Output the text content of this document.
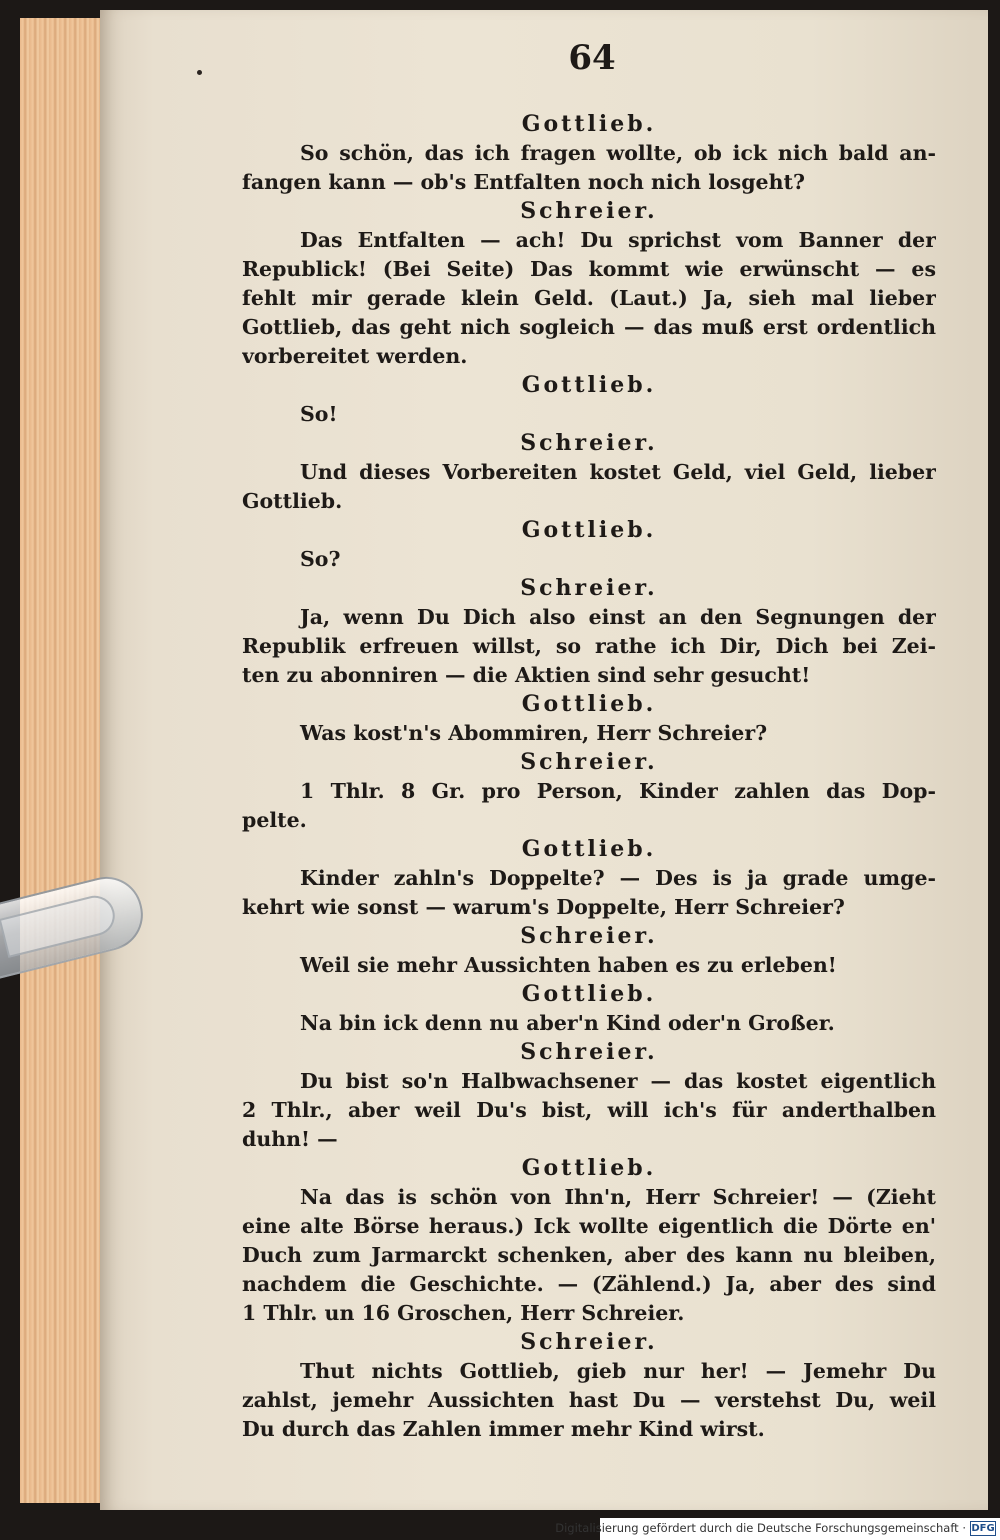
64
Gottlieb.
So schön, das ich fragen wollte, ob ick nich bald an-
fangen kann — ob's Entfalten noch nich losgeht?
Schreier.
Das Entfalten — ach! Du sprichst vom Banner der
Republick! (Bei Seite) Das kommt wie erwünscht — es
fehlt mir gerade klein Geld. (Laut.) Ja, sieh mal lieber
Gottlieb, das geht nich sogleich — das muß erst ordentlich
vorbereitet werden.
Gottlieb.
So!
Schreier.
Und dieses Vorbereiten kostet Geld, viel Geld, lieber
Gottlieb.
Gottlieb.
So?
Schreier.
Ja, wenn Du Dich also einst an den Segnungen der
Republik erfreuen willst, so rathe ich Dir, Dich bei Zei-
ten zu abonniren — die Aktien sind sehr gesucht!
Gottlieb.
Was kost'n's Abommiren, Herr Schreier?
Schreier.
1 Thlr. 8 Gr. pro Person, Kinder zahlen das Dop-
pelte.
Gottlieb.
Kinder zahln's Doppelte? — Des is ja grade umge-
kehrt wie sonst — warum's Doppelte, Herr Schreier?
Schreier.
Weil sie mehr Aussichten haben es zu erleben!
Gottlieb.
Na bin ick denn nu aber'n Kind oder'n Großer.
Schreier.
Du bist so'n Halbwachsener — das kostet eigentlich
2 Thlr., aber weil Du's bist, will ich's für anderthalben
duhn! —
Gottlieb.
Na das is schön von Ihn'n, Herr Schreier! — (Zieht
eine alte Börse heraus.) Ick wollte eigentlich die Dörte en'
Duch zum Jarmarckt schenken, aber des kann nu bleiben,
nachdem die Geschichte. — (Zählend.) Ja, aber des sind
1 Thlr. un 16 Groschen, Herr Schreier.
Schreier.
Thut nichts Gottlieb, gieb nur her! — Jemehr Du
zahlst, jemehr Aussichten hast Du — verstehst Du, weil
Du durch das Zahlen immer mehr Kind wirst.
Digitalisierung gefördert durch die Deutsche Forschungsgemeinschaft · DFG
